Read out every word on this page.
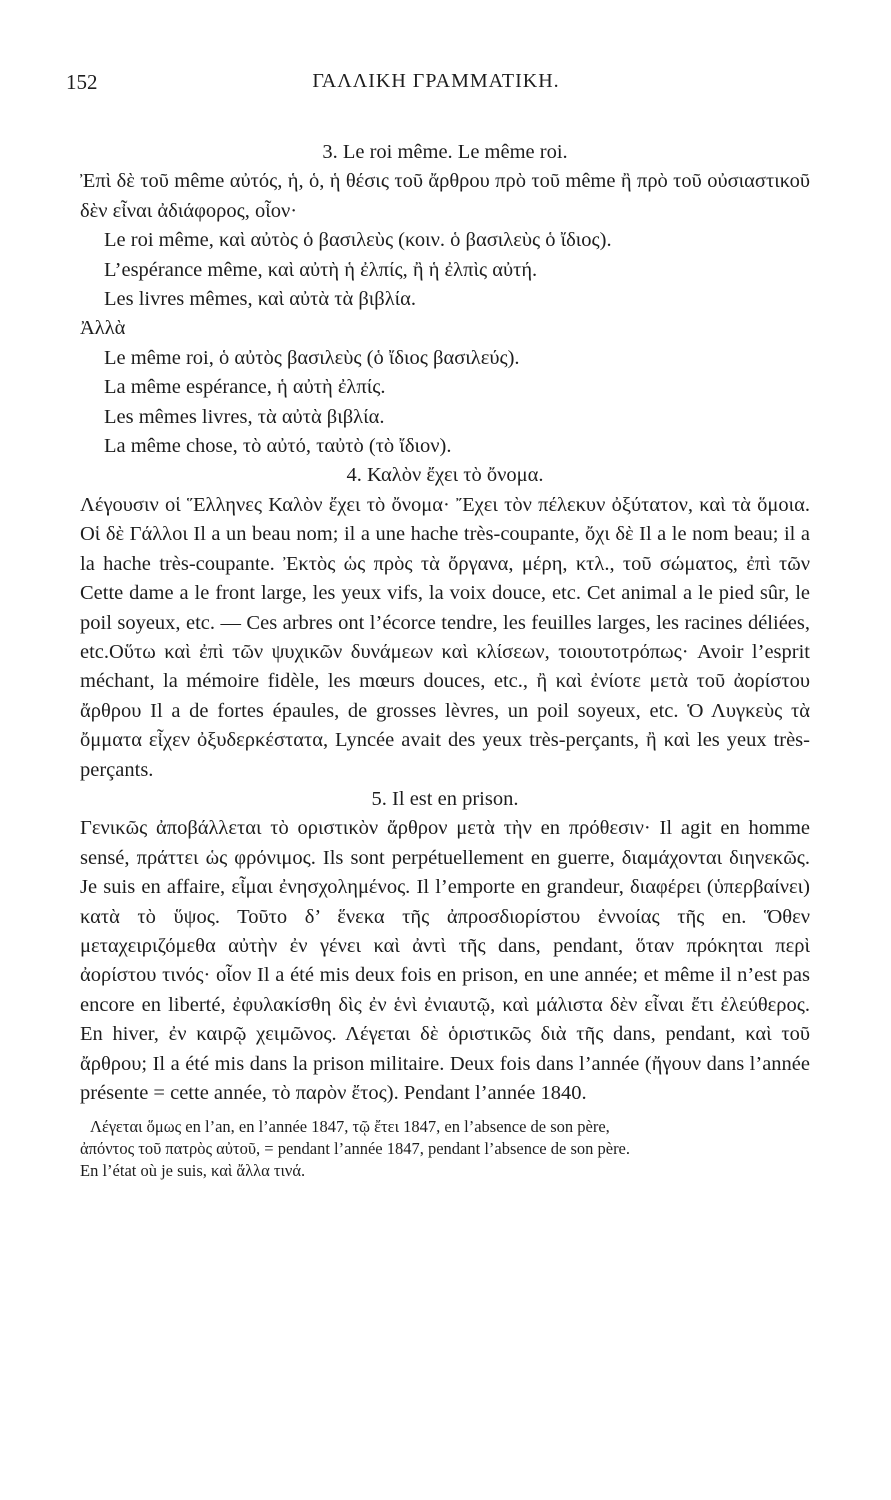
152	ΓΑΛΛΙΚΗ ΓΡΑΜΜΑΤΙΚΗ.

3. Le roi même. Le même roi.

Ἐπὶ δὲ τοῦ même αὐτός, ἡ, ὁ, ἡ θέσις τοῦ ἄρθρου πρὸ τοῦ même ἢ πρὸ τοῦ οὐσιαστικοῦ δὲν εἶναι ἀδιάφορος, οἷον·

Le roi même, καὶ αὐτὸς ὁ βασιλεὺς (κοιν. ὁ βασιλεὺς ὁ ἴδιος).

L’espérance même, καὶ αὐτὴ ἡ ἐλπίς, ἢ ἡ ἐλπὶς αὐτή.

Les livres mêmes, καὶ αὐτὰ τὰ βιβλία.

Ἀλλὰ

Le même roi, ὁ αὐτὸς βασιλεὺς (ὁ ἴδιος βασιλεύς).

La même espérance, ἡ αὐτὴ ἐλπίς.

Les mêmes livres, τὰ αὐτὰ βιβλία.

La même chose, τὸ αὐτό, ταὐτὸ (τὸ ἴδιον).

4. Καλὸν ἔχει τὸ ὄνομα.

Λέγουσιν οἱ Ἕλληνες Καλὸν ἔχει τὸ ὄνομα· Ἔχει τὸν πέλεκυν ὀξύτατον, καὶ τὰ ὅμοια. Οἱ δὲ Γάλλοι Il a un beau nom; il a une hache très-coupante, ὄχι δὲ Il a le nom beau; il a la hache très-coupante. Ἐκτὸς ὡς πρὸς τὰ ὄργανα, μέρη, κτλ., τοῦ σώματος, ἐπὶ τῶν Cette dame a le front large, les yeux vifs, la voix douce, etc. Cet animal a le pied sûr, le poil soyeux, etc. — Ces arbres ont l’écorce tendre, les feuilles larges, les racines déliées, etc.Οὕτω καὶ ἐπὶ τῶν ψυχικῶν δυνάμεων καὶ κλίσεων, τοιουτοτρόπως· Avoir l’esprit méchant, la mémoire fidèle, les mœurs douces, etc., ἢ καὶ ἐνίοτε μετὰ τοῦ ἀορίστου ἄρθρου Il a de fortes épaules, de grosses lèvres, un poil soyeux, etc. Ὁ Λυγκεὺς τὰ ὄμματα εἶχεν ὀξυδερκέστατα, Lyncée avait des yeux très-perçants, ἢ καὶ les yeux très-perçants.

5. Il est en prison.

Γενικῶς ἀποβάλλεται τὸ οριστικὸν ἄρθρον μετὰ τὴν en πρόθεσιν· Il agit en homme sensé, πράττει ὡς φρόνιμος. Ils sont perpétuellement en guerre, διαμάχονται διηνεκῶς. Je suis en affaire, εἶμαι ἐνησχολημένος. Il l’emporte en grandeur, διαφέρει (ὑπερβαίνει) κατὰ τὸ ὕψος. Τοῦτο δ’ ἕνεκα τῆς ἀπροσδιορίστου ἐννοίας τῆς en. Ὅθεν μεταχειριζόμεθα αὐτὴν ἐν γένει καὶ ἀντὶ τῆς dans, pendant, ὅταν πρόκηται περὶ ἀορίστου τινός· οἷον Il a été mis deux fois en prison, en une année; et même il n’est pas encore en liberté, ἐφυλακίσθη δὶς ἐν ἑνὶ ἐνιαυτῷ, καὶ μάλιστα δὲν εἶναι ἔτι ἐλεύθερος. En hiver, ἐν καιρῷ χειμῶνος. Λέγεται δὲ ὁριστικῶς διὰ τῆς dans, pendant, καὶ τοῦ ἄρθρου; Il a été mis dans la prison militaire. Deux fois dans l’année (ἤγουν dans l’année présente = cette année, τὸ παρὸν ἔτος). Pendant l’année 1840.

Λέγεται ὅμως en l’an, en l’année 1847, τῷ ἔτει 1847, en l’absence de son père,

ἀπόντος τοῦ πατρὸς αὐτοῦ, = pendant l’année 1847, pendant l’absence de son père.

En l’état où je suis, καὶ ἄλλα τινά.
